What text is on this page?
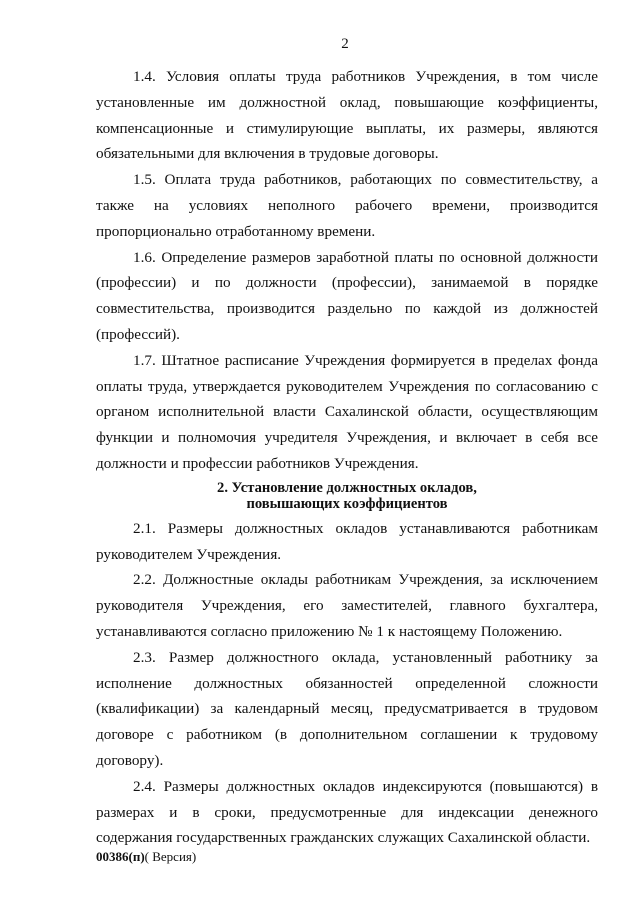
2

1.4. Условия оплаты труда работников Учреждения, в том числе установленные им должностной оклад, повышающие коэффициенты, компенсационные и стимулирующие выплаты, их размеры, являются обязательными для включения в трудовые договоры.

1.5. Оплата труда работников, работающих по совместительству, а также на условиях неполного рабочего времени, производится пропорционально отработанному времени.

1.6. Определение размеров заработной платы по основной должности (профессии) и по должности (профессии), занимаемой в порядке совместительства, производится раздельно по каждой из должностей (профессий).

1.7. Штатное расписание Учреждения формируется в пределах фонда оплаты труда, утверждается руководителем Учреждения по согласованию с органом исполнительной власти Сахалинской области, осуществляющим функции и полномочия учредителя Учреждения, и включает в себя все должности и профессии работников Учреждения.

2. Установление должностных окладов,
повышающих коэффициентов

2.1. Размеры должностных окладов устанавливаются работникам руководителем Учреждения.

2.2. Должностные оклады работникам Учреждения, за исключением руководителя Учреждения, его заместителей, главного бухгалтера, устанавливаются согласно приложению № 1 к настоящему Положению.

2.3. Размер должностного оклада, установленный работнику за исполнение должностных обязанностей определенной сложности (квалификации) за календарный месяц, предусматривается в трудовом договоре с работником (в дополнительном соглашении к трудовому договору).

2.4. Размеры должностных окладов индексируются (повышаются) в размерах и в сроки, предусмотренные для индексации денежного содержания государственных гражданских служащих Сахалинской области.

00386(п)( Версия)
